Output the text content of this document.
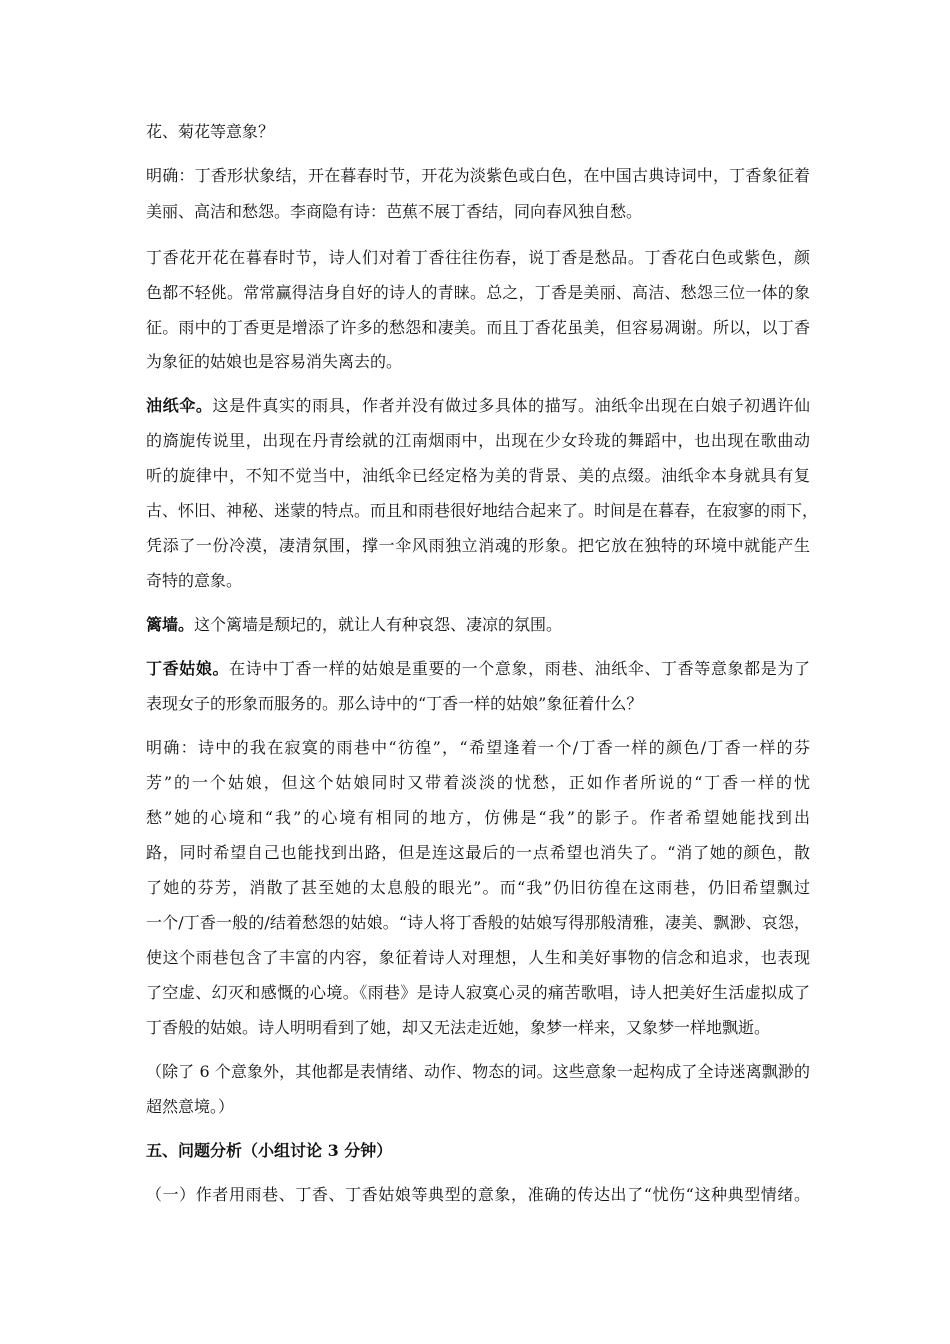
花、菊花等意象？
明确：丁香形状象结，开在暮春时节，开花为淡紫色或白色，在中国古典诗词中，丁香象征着
美丽、高洁和愁怨。李商隐有诗：芭蕉不展丁香结，同向春风独自愁。
丁香花开花在暮春时节，诗人们对着丁香往往伤春，说丁香是愁品。丁香花白色或紫色，颜
色都不轻佻。常常赢得洁身自好的诗人的青睐。总之，丁香是美丽、高洁、愁怨三位一体的象
征。雨中的丁香更是增添了许多的愁怨和凄美。而且丁香花虽美，但容易凋谢。所以，以丁香
为象征的姑娘也是容易消失离去的。
油纸伞。这是件真实的雨具，作者并没有做过多具体的描写。油纸伞出现在白娘子初遇许仙
的旖旎传说里，出现在丹青绘就的江南烟雨中，出现在少女玲珑的舞蹈中，也出现在歌曲动
听的旋律中，不知不觉当中，油纸伞已经定格为美的背景、美的点缀。油纸伞本身就具有复
古、怀旧、神秘、迷蒙的特点。而且和雨巷很好地结合起来了。时间是在暮春，在寂寥的雨下，
凭添了一份冷漠，凄清氛围，撑一伞风雨独立消魂的形象。把它放在独特的环境中就能产生
奇特的意象。
篱墙。这个篱墙是颓圮的，就让人有种哀怨、凄凉的氛围。
丁香姑娘。在诗中丁香一样的姑娘是重要的一个意象，雨巷、油纸伞、丁香等意象都是为了
表现女子的形象而服务的。那么诗中的“丁香一样的姑娘”象征着什么？
明确：诗中的我在寂寞的雨巷中“彷徨”，“希望逢着一个/丁香一样的颜色/丁香一样的芬
芳”的一个姑娘，但这个姑娘同时又带着淡淡的忧愁，正如作者所说的“丁香一样的忧
愁”她的心境和“我”的心境有相同的地方，仿佛是“我”的影子。作者希望她能找到出
路，同时希望自己也能找到出路，但是连这最后的一点希望也消失了。“消了她的颜色，散
了她的芬芳，消散了甚至她的太息般的眼光”。而“我”仍旧彷徨在这雨巷，仍旧希望飘过
一个/丁香一般的/结着愁怨的姑娘。“诗人将丁香般的姑娘写得那般清雅，凄美、飘渺、哀怨，
使这个雨巷包含了丰富的内容，象征着诗人对理想，人生和美好事物的信念和追求，也表现
了空虚、幻灭和感慨的心境。《雨巷》是诗人寂寞心灵的痛苦歌唱，诗人把美好生活虚拟成了
丁香般的姑娘。诗人明明看到了她，却又无法走近她，象梦一样来，又象梦一样地飘逝。
（除了 6 个意象外，其他都是表情绪、动作、物态的词。这些意象一起构成了全诗迷离飘渺的
超然意境。）
五、问题分析（小组讨论 3 分钟）
（一）作者用雨巷、丁香、丁香姑娘等典型的意象，准确的传达出了“忧伤“这种典型情绪。
